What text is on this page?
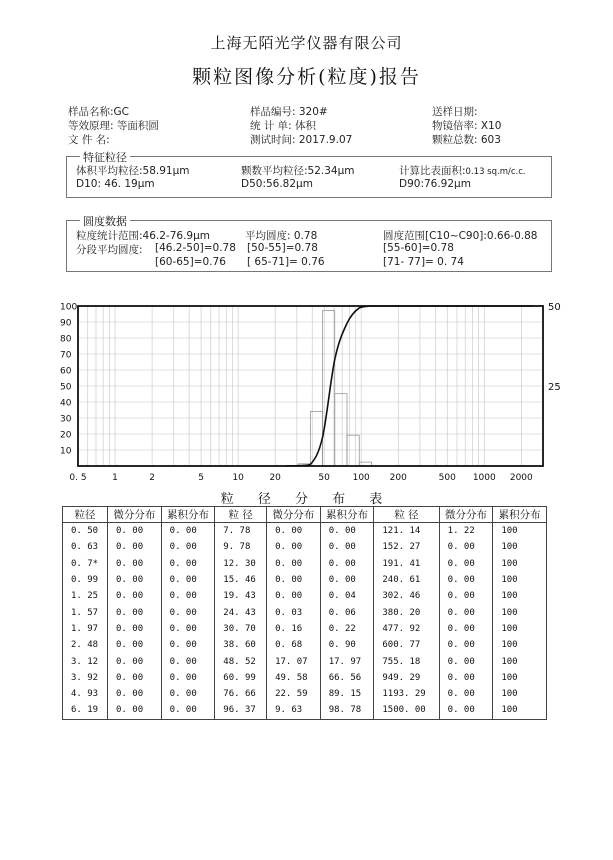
上海无陌光学仪器有限公司
颗粒图像分析(粒度)报告
样品名称:GC
等效原理: 等面积圆
文 件 名:
样品编号: 320#
统 计 单: 体积
测试时间: 2017.9.07
送样日期:
物镜倍率: X10
颗粒总数: 603
特征粒径
体积平均粒径:58.91μm	颗数平均粒径:52.34μm	计算比表面积:0.13 sq.m/c.c.
D10: 46. 19μm	D50:56.82μm	D90:76.92μm
圆度数据
粒度统计范围:46.2-76.9μm	平均圆度: 0.78	圆度范围[C10~C90]:0.66-0.88
分段平均圆度: [46.2-50]=0.78 [50-55]=0.78	[55-60]=0.78
[60-65]=0.76 [ 65-71]= 0.76	[71- 77]= 0. 74
100
90
80
70
60
50
40
30
20
10
50
25
0. 5	1	2	5	10	20	50	100 200	500 1000 2000
粒 径 分 布 表
粒径	微分分布	累积分布	粒 径	微分分布	累积分布	粒 径	微分分布	累积分布
0. 50	0. 00	0. 00	7. 78	0. 00	0. 00	121. 14	1. 22	100
0. 63	0. 00	0. 00	9. 78	0. 00	0. 00	152. 27	0. 00	100
0. 7*	0. 00	0. 00	12. 30	0. 00	0. 00	191. 41	0. 00	100
0. 99	0. 00	0. 00	15. 46	0. 00	0. 00	240. 61	0. 00	100
1. 25	0. 00	0. 00	19. 43	0. 00	0. 04	302. 46	0. 00	100
1. 57	0. 00	0. 00	24. 43	0. 03	0. 06	380. 20	0. 00	100
1. 97	0. 00	0. 00	30. 70	0. 16	0. 22	477. 92	0. 00	100
2. 48	0. 00	0. 00	38. 60	0. 68	0. 90	600. 77	0. 00	100
3. 12	0. 00	0. 00	48. 52	17. 07	17. 97	755. 18	0. 00	100
3. 92	0. 00	0. 00	60. 99	49. 58	66. 56	949. 29	0. 00	100
4. 93	0. 00	0. 00	76. 66	22. 59	89. 15	1193. 29	0. 00	100
6. 19	0. 00	0. 00	96. 37	9. 63	98. 78	1500. 00	0. 00	100
